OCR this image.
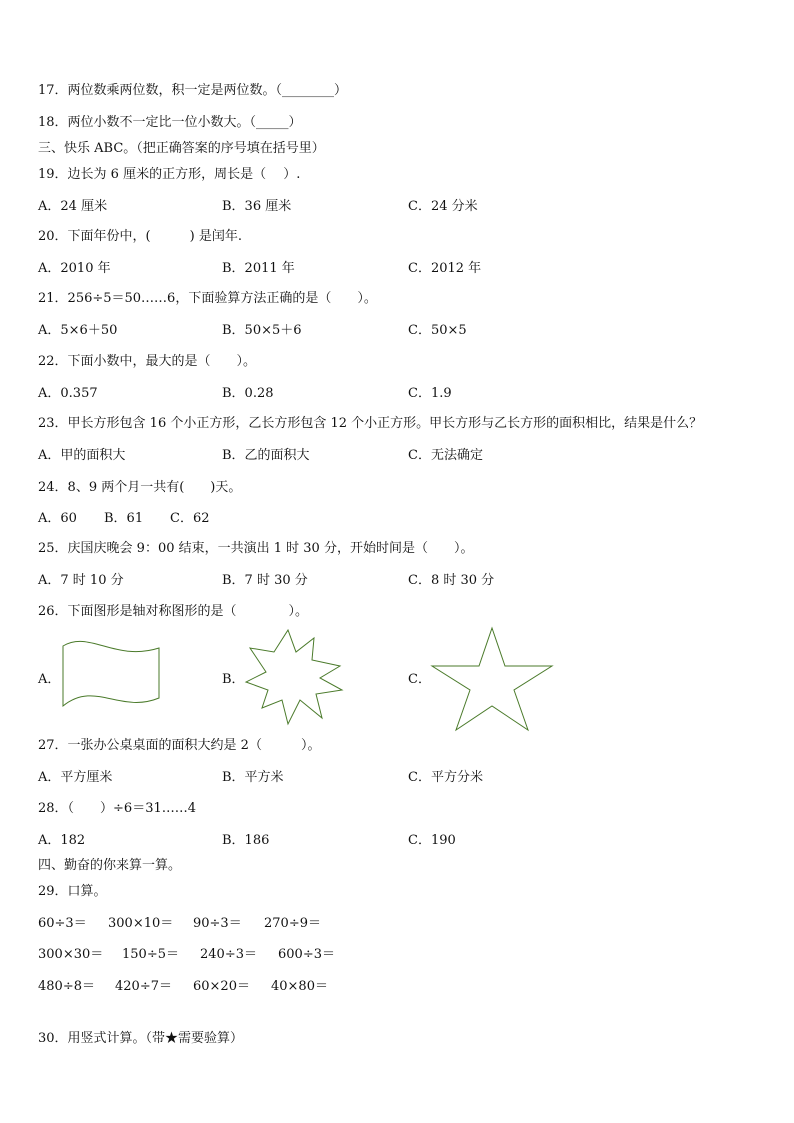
17．两位数乘两位数，积一定是两位数。（________）
18．两位小数不一定比一位小数大。（_____）
三、快乐 ABC。（把正确答案的序号填在括号里）
19．边长为 6 厘米的正方形，周长是（　 ）.
A．24 厘米	B．36 厘米	C．24 分米
20．下面年份中，(　　　) 是闰年.
A．2010 年	B．2011 年	C．2012 年
21．256÷5＝50……6，下面验算方法正确的是（　　）。
A．5×6＋50	B．50×5＋6	C．50×5
22．下面小数中，最大的是（　　）。
A．0.357	B．0.28	C．1.9
23．甲长方形包含 16 个小正方形，乙长方形包含 12 个小正方形。甲长方形与乙长方形的面积相比，结果是什么？
A．甲的面积大	B．乙的面积大	C．无法确定
24．8、9 两个月一共有(　　)天。
A．60 B．61 C．62
25．庆国庆晚会 9：00 结束，一共演出 1 时 30 分，开始时间是（　　）。
A．7 时 10 分	B．7 时 30 分	C．8 时 30 分
26．下面图形是轴对称图形的是（　　　　）。
A．	B．	C．
27．一张办公桌桌面的面积大约是 2（　　　）。
A．平方厘米	B．平方米	C．平方分米
28．（　　）÷6＝31……4
A．182	B．186	C．190
四、勤奋的你来算一算。
29．口算。
60÷3＝ 300×10＝ 90÷3＝ 270÷9＝
300×30＝ 150÷5＝ 240÷3＝ 600÷3＝
480÷8＝ 420÷7＝ 60×20＝ 40×80＝
30．用竖式计算。（带★需要验算）
